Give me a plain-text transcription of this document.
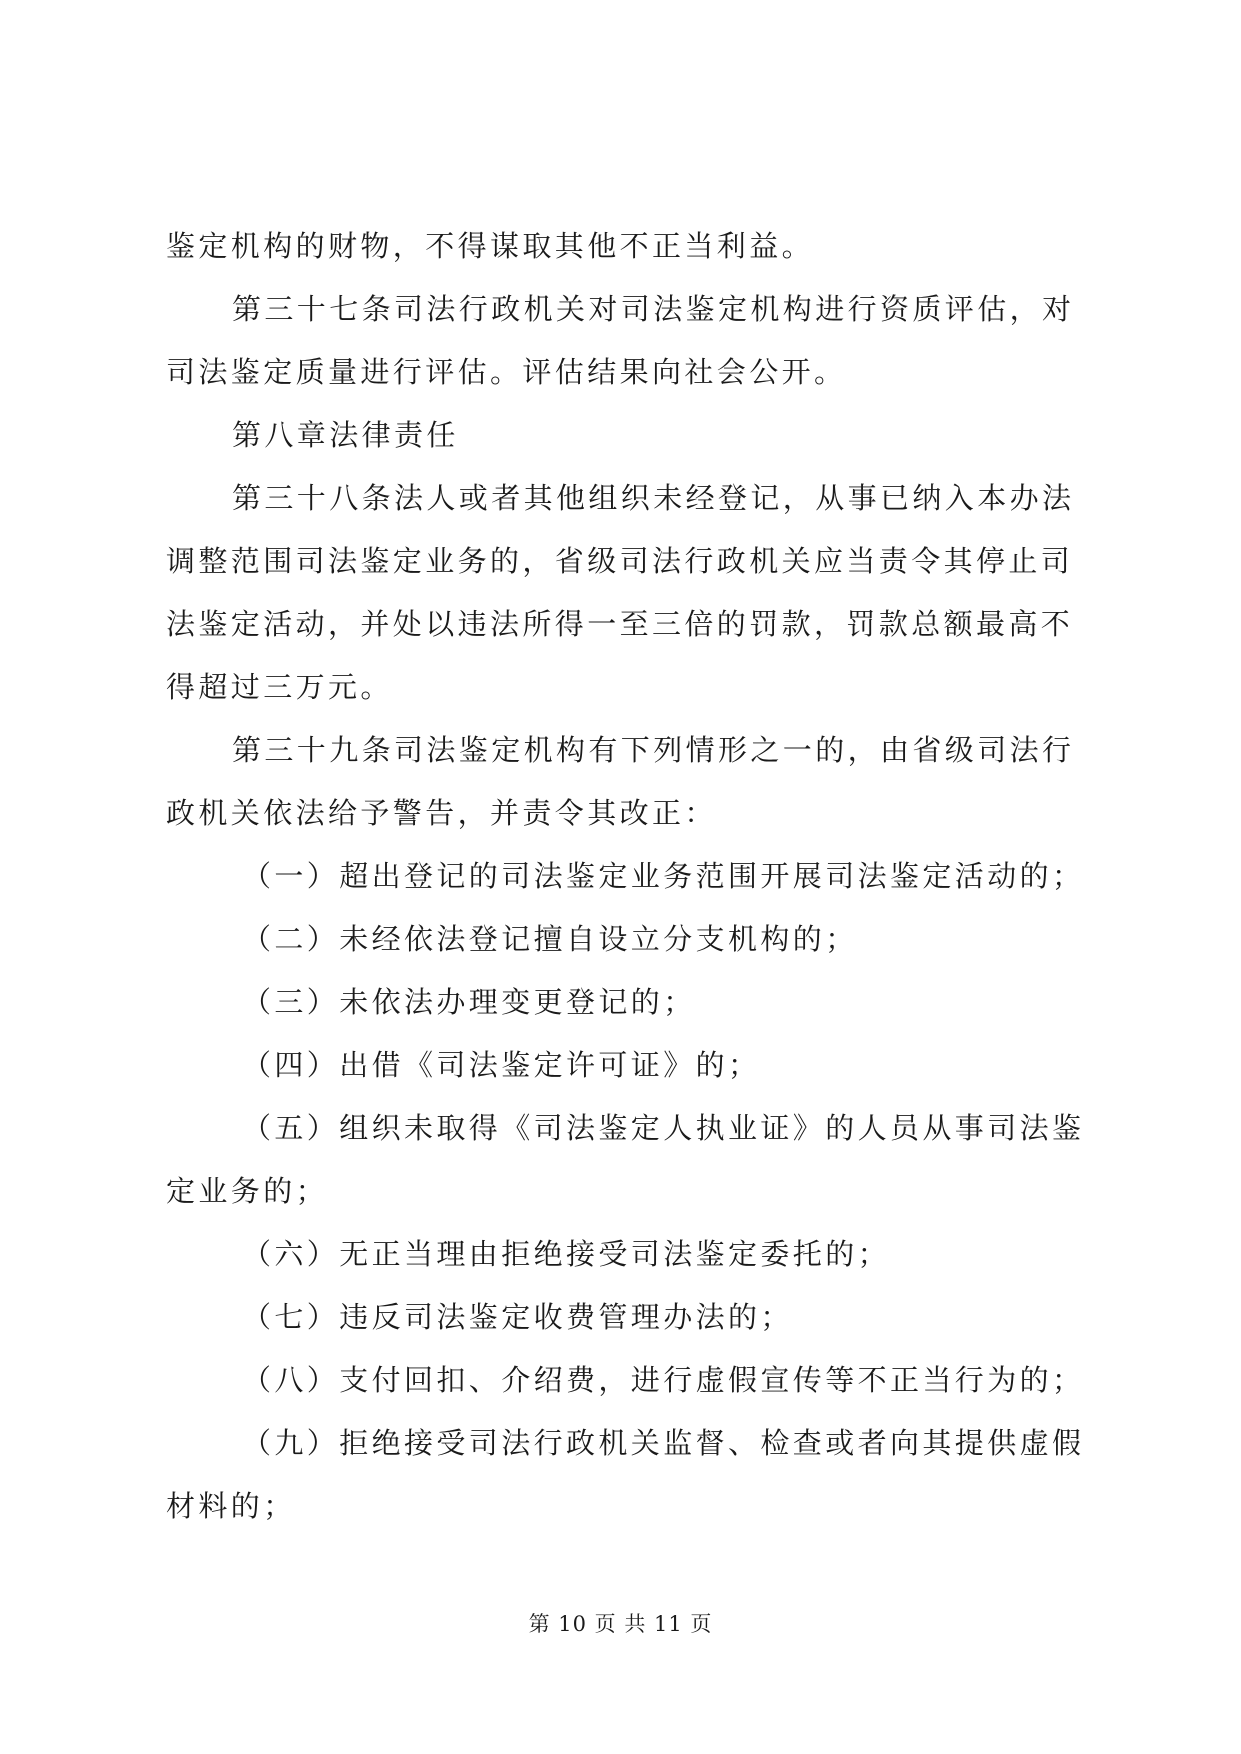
鉴定机构的财物，不得谋取其他不正当利益。
第三十七条司法行政机关对司法鉴定机构进行资质评估，对
司法鉴定质量进行评估。评估结果向社会公开。
第八章法律责任
第三十八条法人或者其他组织未经登记，从事已纳入本办法
调整范围司法鉴定业务的，省级司法行政机关应当责令其停止司
法鉴定活动，并处以违法所得一至三倍的罚款，罚款总额最高不
得超过三万元。
第三十九条司法鉴定机构有下列情形之一的，由省级司法行
政机关依法给予警告，并责令其改正：
（一）超出登记的司法鉴定业务范围开展司法鉴定活动的；
（二）未经依法登记擅自设立分支机构的；
（三）未依法办理变更登记的；
（四）出借《司法鉴定许可证》的；
（五）组织未取得《司法鉴定人执业证》的人员从事司法鉴
定业务的；
（六）无正当理由拒绝接受司法鉴定委托的；
（七）违反司法鉴定收费管理办法的；
（八）支付回扣、介绍费，进行虚假宣传等不正当行为的；
（九）拒绝接受司法行政机关监督、检查或者向其提供虚假
材料的；
第 10 页 共 11 页
